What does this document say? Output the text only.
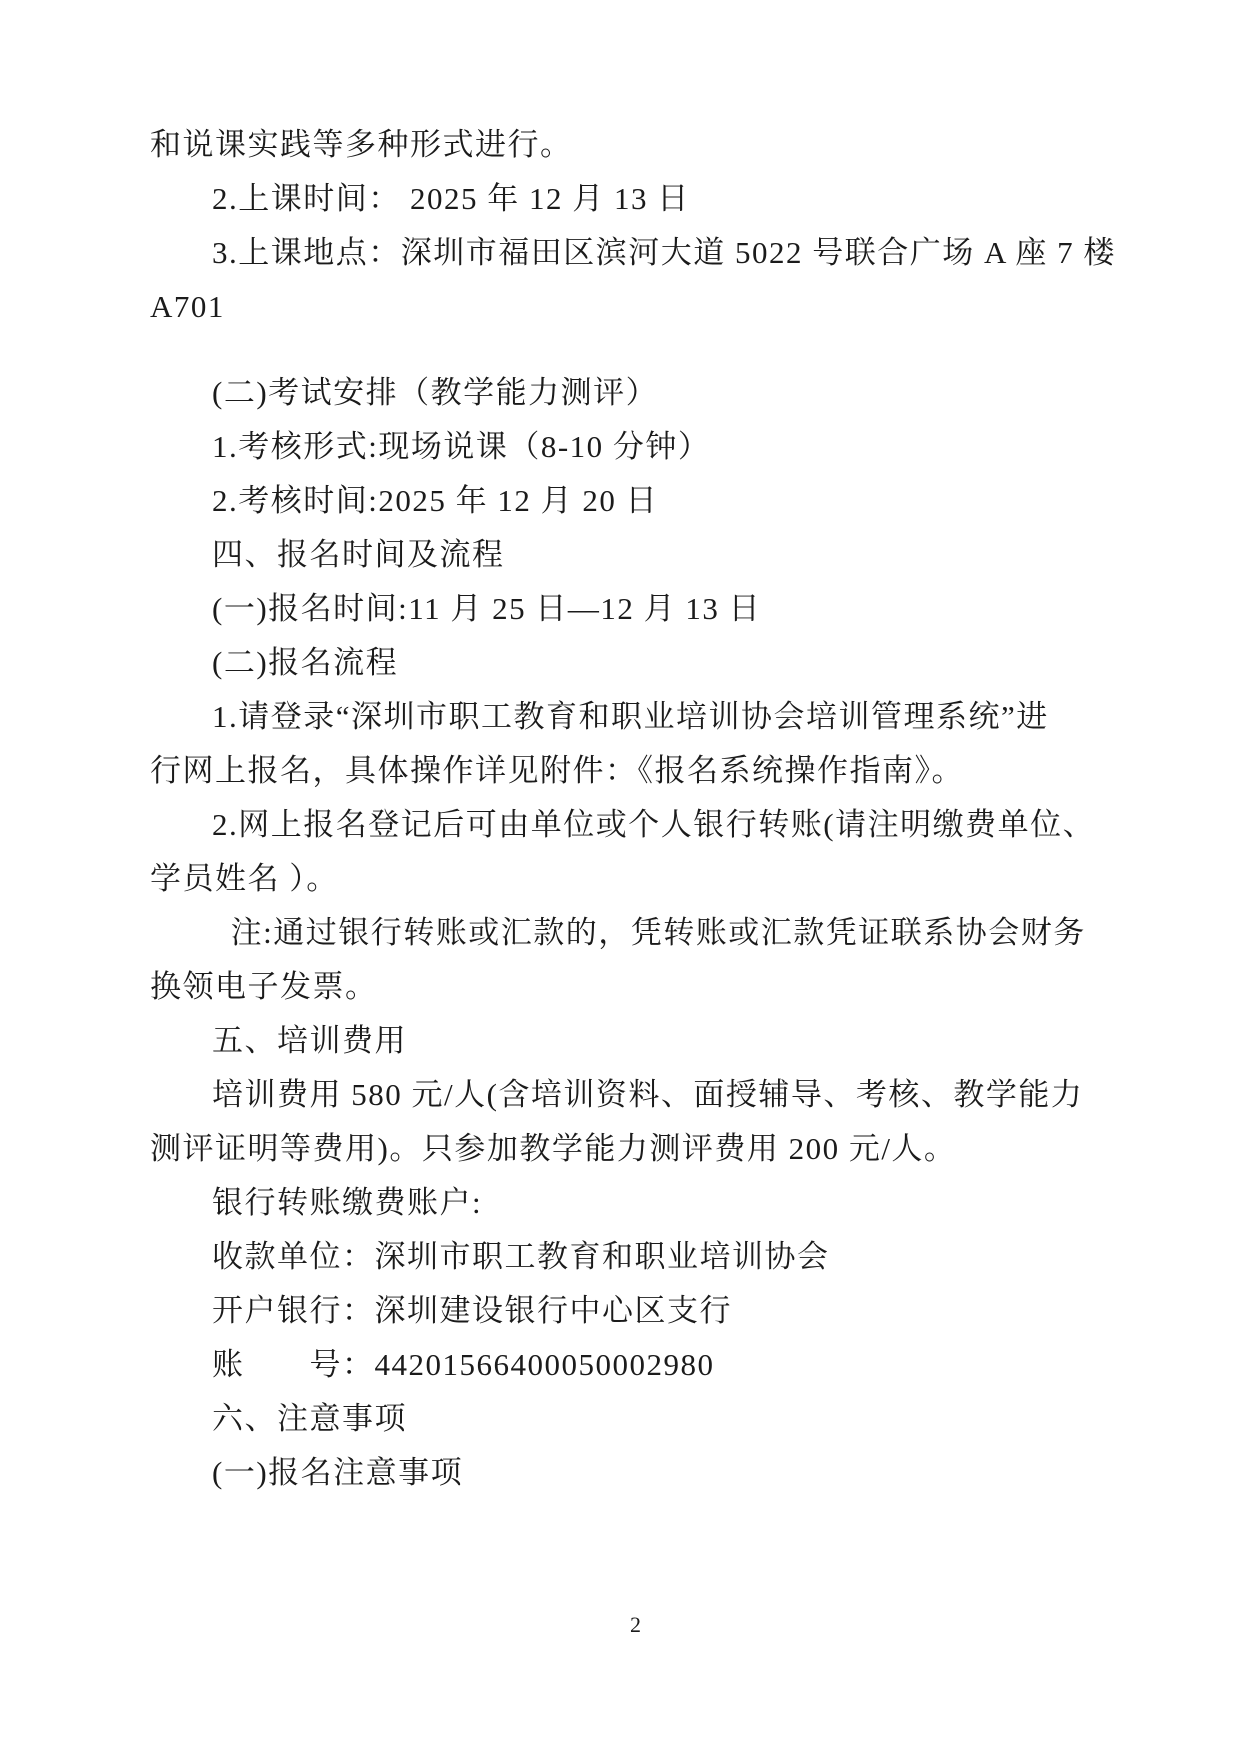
和说课实践等多种形式进行。
2.上课时间： 2025 年 12 月 13 日
3.上课地点：深圳市福田区滨河大道 5022 号联合广场 A 座 7 楼
A701
(二)考试安排（教学能力测评）
1.考核形式:现场说课（8-10 分钟）
2.考核时间:2025 年 12 月 20 日
四、报名时间及流程
(一)报名时间:11 月 25 日—12 月 13 日
(二)报名流程
1.请登录“深圳市职工教育和职业培训协会培训管理系统”进
行网上报名，具体操作详见附件：《报名系统操作指南》。
2.网上报名登记后可由单位或个人银行转账(请注明缴费单位、
学员姓名 ）。
注:通过银行转账或汇款的，凭转账或汇款凭证联系协会财务
换领电子发票。
五、培训费用
培训费用 580 元/人(含培训资料、面授辅导、考核、教学能力
测评证明等费用)。只参加教学能力测评费用 200 元/人。
银行转账缴费账户:
收款单位：深圳市职工教育和职业培训协会
开户银行：深圳建设银行中心区支行
账　　号：44201566400050002980
六、注意事项
(一)报名注意事项
2
